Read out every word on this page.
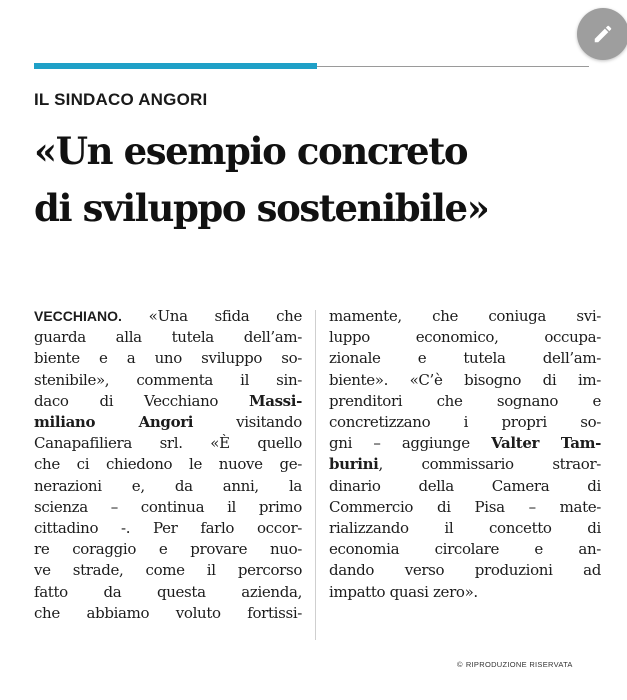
IL SINDACO ANGORI

«Un esempio concreto
di sviluppo sostenibile»
VECCHIANO. «Una sfida che
guarda alla tutela dell’am-
biente e a uno sviluppo so-
stenibile», commenta il sin-
daco di Vecchiano Massi-
miliano Angori visitando
Canapafiliera srl. «È quello
che ci chiedono le nuove ge-
nerazioni e, da anni, la
scienza – continua il primo
cittadino -. Per farlo occor-
re coraggio e provare nuo-
ve strade, come il percorso
fatto da questa azienda,
che abbiamo voluto fortissi-
mamente, che coniuga svi-
luppo economico, occupa-
zionale e tutela dell’am-
biente». «C’è bisogno di im-
prenditori che sognano e
concretizzano i propri so-
gni – aggiunge Valter Tam-
burini, commissario straor-
dinario della Camera di
Commercio di Pisa – mate-
rializzando il concetto di
economia circolare e an-
dando verso produzioni ad
impatto quasi zero».
© RIPRODUZIONE RISERVATA
